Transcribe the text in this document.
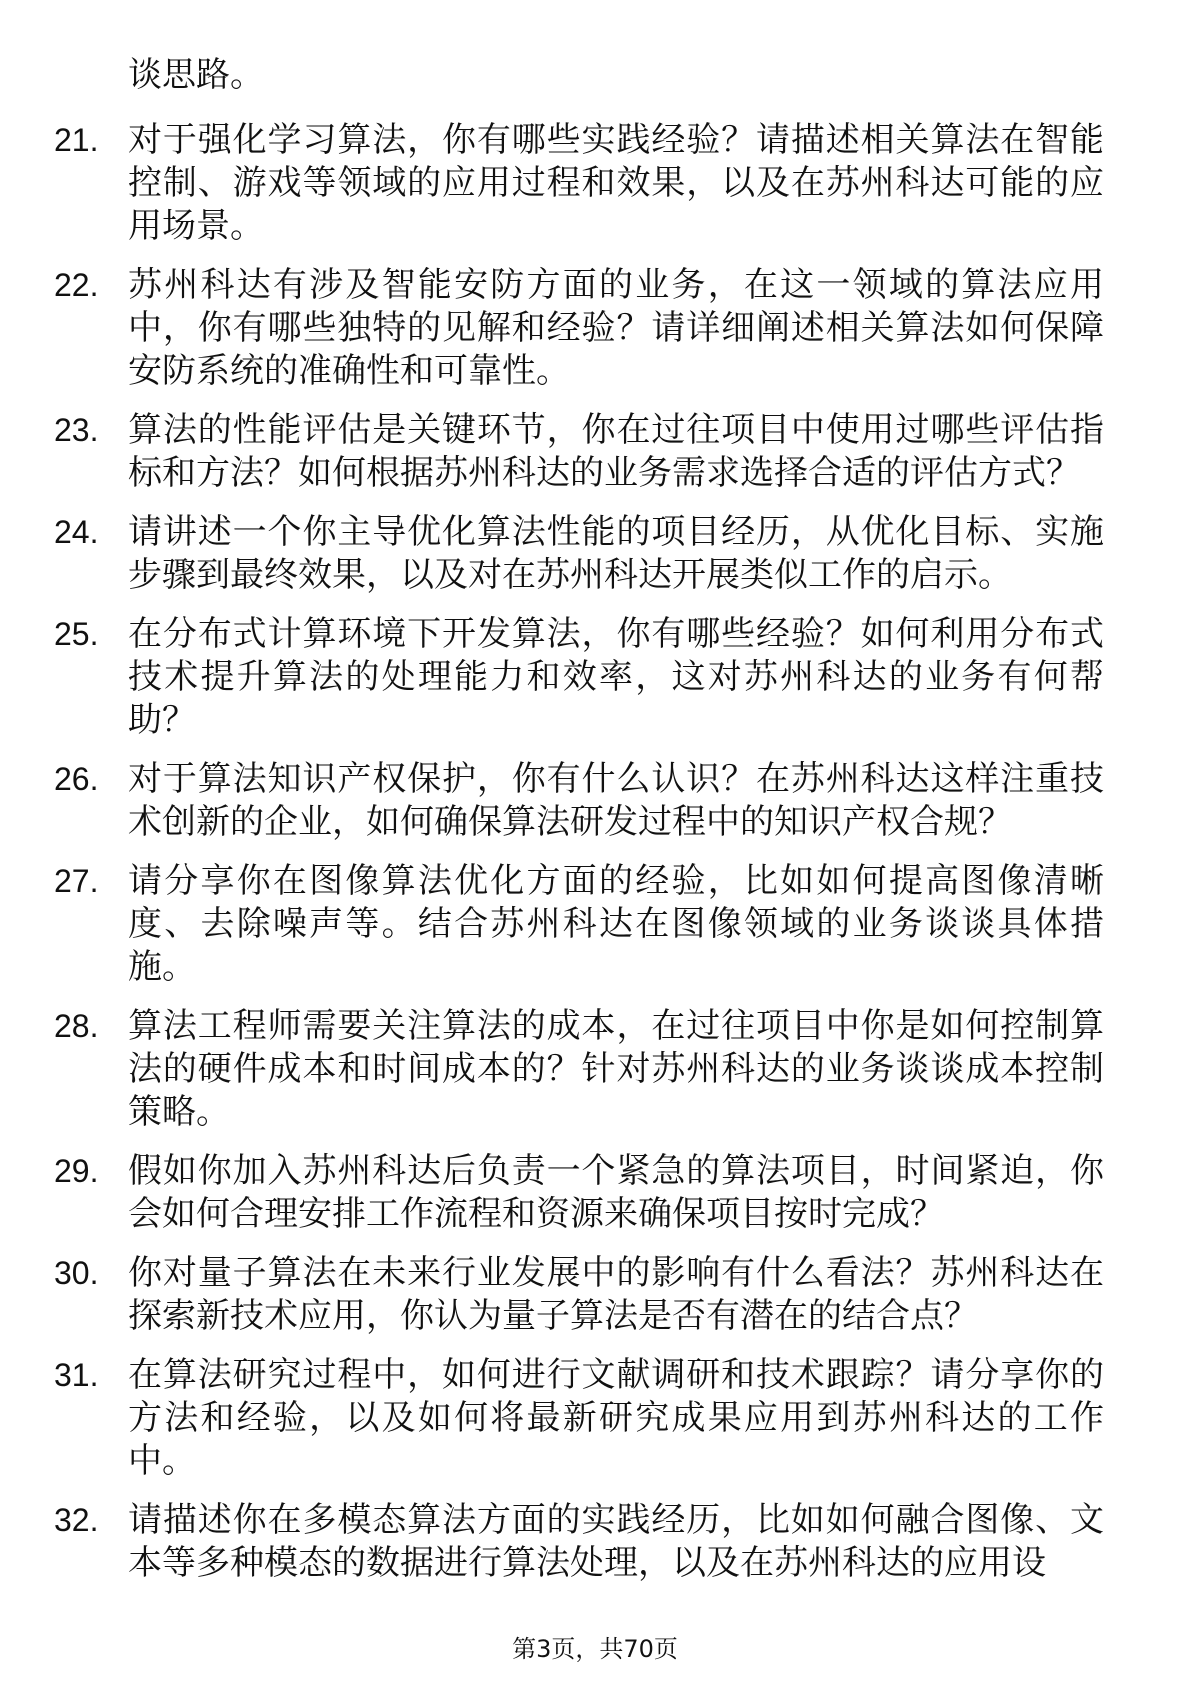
谈思路。
21. 对于强化学习算法，你有哪些实践经验？请描述相关算法在智能
控制、游戏等领域的应用过程和效果，以及在苏州科达可能的应
用场景。
22. 苏州科达有涉及智能安防方面的业务，在这一领域的算法应用
中，你有哪些独特的见解和经验？请详细阐述相关算法如何保障
安防系统的准确性和可靠性。
23. 算法的性能评估是关键环节，你在过往项目中使用过哪些评估指
标和方法？如何根据苏州科达的业务需求选择合适的评估方式？
24. 请讲述一个你主导优化算法性能的项目经历，从优化目标、实施
步骤到最终效果，以及对在苏州科达开展类似工作的启示。
25. 在分布式计算环境下开发算法，你有哪些经验？如何利用分布式
技术提升算法的处理能力和效率，这对苏州科达的业务有何帮
助？
26. 对于算法知识产权保护，你有什么认识？在苏州科达这样注重技
术创新的企业，如何确保算法研发过程中的知识产权合规？
27. 请分享你在图像算法优化方面的经验，比如如何提高图像清晰
度、去除噪声等。结合苏州科达在图像领域的业务谈谈具体措
施。
28. 算法工程师需要关注算法的成本，在过往项目中你是如何控制算
法的硬件成本和时间成本的？针对苏州科达的业务谈谈成本控制
策略。
29. 假如你加入苏州科达后负责一个紧急的算法项目，时间紧迫，你
会如何合理安排工作流程和资源来确保项目按时完成？
30. 你对量子算法在未来行业发展中的影响有什么看法？苏州科达在
探索新技术应用，你认为量子算法是否有潜在的结合点？
31. 在算法研究过程中，如何进行文献调研和技术跟踪？请分享你的
方法和经验，以及如何将最新研究成果应用到苏州科达的工作
中。
32. 请描述你在多模态算法方面的实践经历，比如如何融合图像、文
本等多种模态的数据进行算法处理，以及在苏州科达的应用设
第3页，共70页
